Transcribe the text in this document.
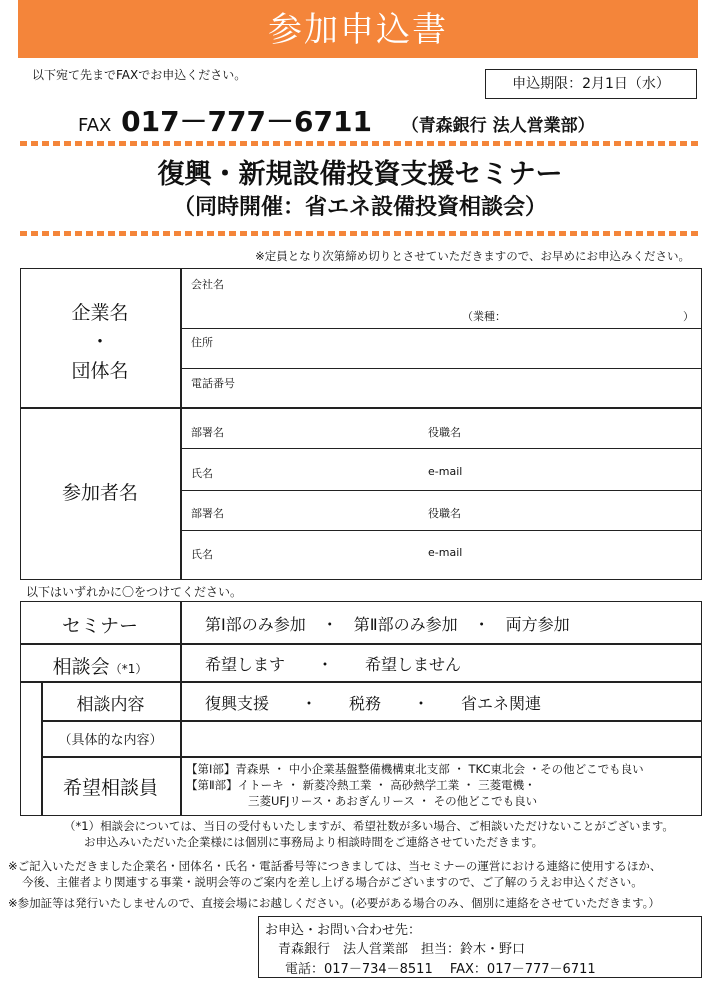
参加申込書
以下宛て先までFAXでお申込ください。
申込期限：2月1日（水）
FAX 017－777－6711 （青森銀行 法人営業部）
復興・新規設備投資支援セミナー
（同時開催：省エネ設備投資相談会）
※定員となり次第締め切りとさせていただきますので、お早めにお申込みください。
企業名
・
団体名
会社名
（業種：	）
住所
電話番号
参加者名
部署名	役職名
氏名	e-mail
部署名	役職名
氏名	e-mail
以下はいずれかに〇をつけてください。
セミナー	第Ⅰ部のみ参加　・　第Ⅱ部のみ参加　・　両方参加
相談会（*1）	希望します　　・　　希望しません
相談内容	復興支援　　・　　税務　　・　　省エネ関連
（具体的な内容）
希望相談員
【第Ⅰ部】青森県 ・ 中小企業基盤整備機構東北支部 ・ TKC東北会 ・その他どこでも良い
【第Ⅱ部】イトーキ ・ 新菱冷熱工業 ・ 高砂熱学工業 ・ 三菱電機・
三菱UFJリース・あおぎんリース ・ その他どこでも良い
（*1）相談会については、当日の受付もいたしますが、希望社数が多い場合、ご相談いただけないことがございます。
お申込みいただいた企業様には個別に事務局より相談時間をご連絡させていただきます。
※ご記入いただきました企業名・団体名・氏名・電話番号等につきましては、当セミナーの運営における連絡に使用するほか、
今後、主催者より関連する事業・説明会等のご案内を差し上げる場合がございますので、ご了解のうえお申込ください。
※参加証等は発行いたしませんので、直接会場にお越しください。(必要がある場合のみ、個別に連絡をさせていただきます。）
お申込・お問い合わせ先：
青森銀行　法人営業部　担当：鈴木・野口
電話：017－734－8511　 FAX：017－777－6711
